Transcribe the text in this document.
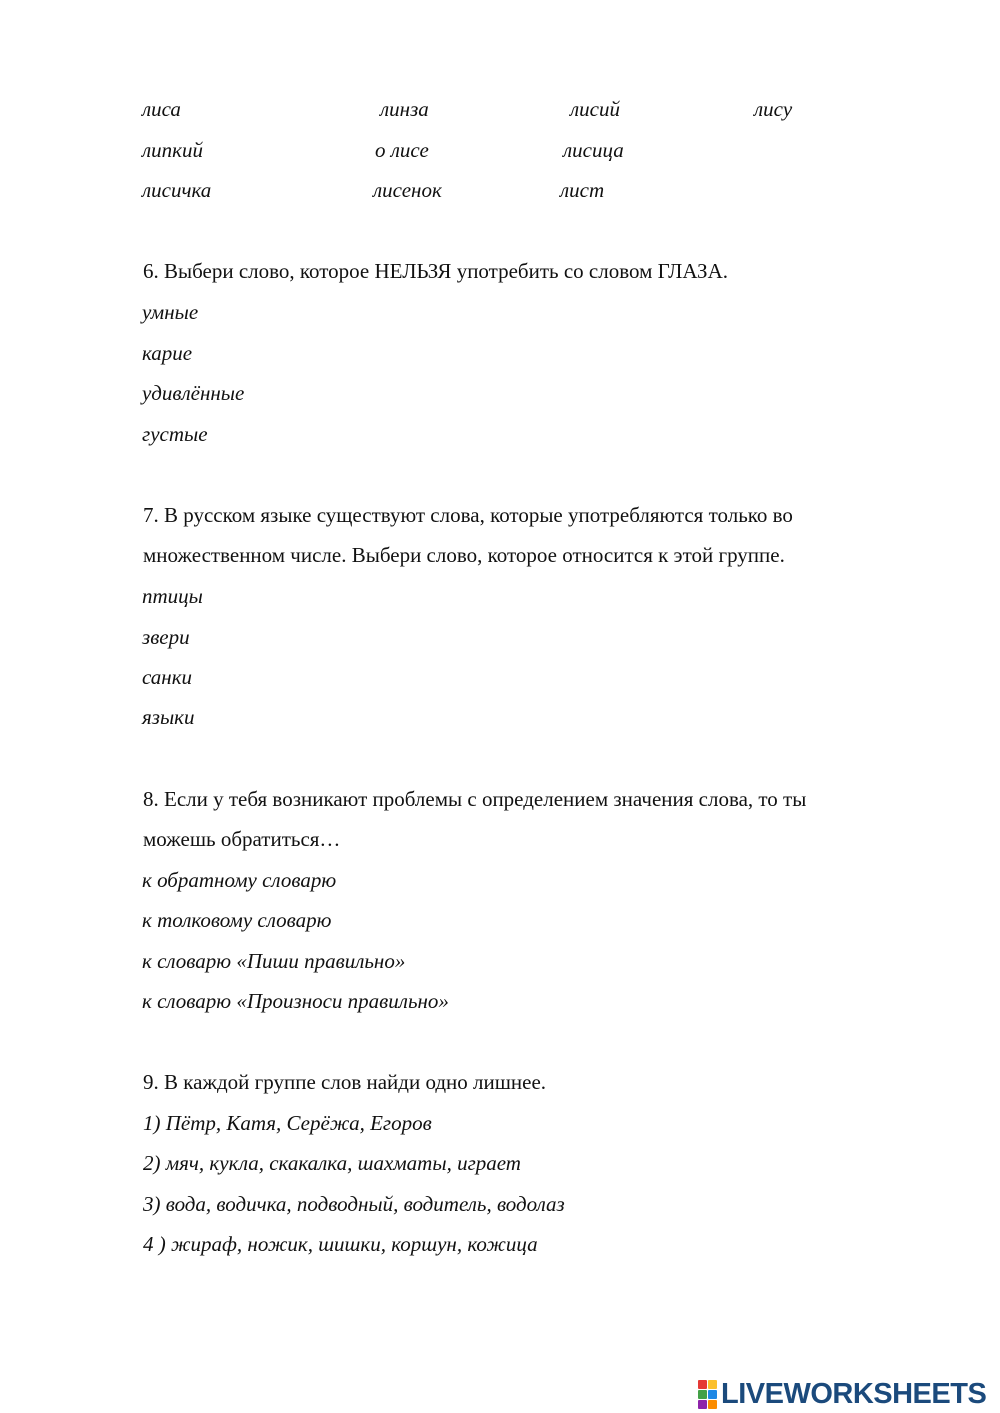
лиса	линза	лисий	лису
липкий	о лисе	лисица
лисичка	лисенок	лист
6. Выбери слово, которое НЕЛЬЗЯ употребить со словом ГЛАЗА.
умные
карие
удивлённые
густые
7. В русском языке существуют слова, которые употребляются только во
множественном числе. Выбери слово, которое относится к этой группе.
птицы
звери
санки
языки
8. Если у тебя возникают проблемы с определением значения слова, то ты
можешь обратиться…
к обратному словарю
к толковому словарю
к словарю «Пиши правильно»
к словарю «Произноси правильно»
9. В каждой группе слов найди одно лишнее.
1) Пётр, Катя, Серёжа, Егоров
2) мяч, кукла, скакалка, шахматы, играет
3) вода, водичка, подводный, водитель, водолаз
4 ) жираф, ножик, шишки, коршун, кожица
LIVEWORKSHEETS
